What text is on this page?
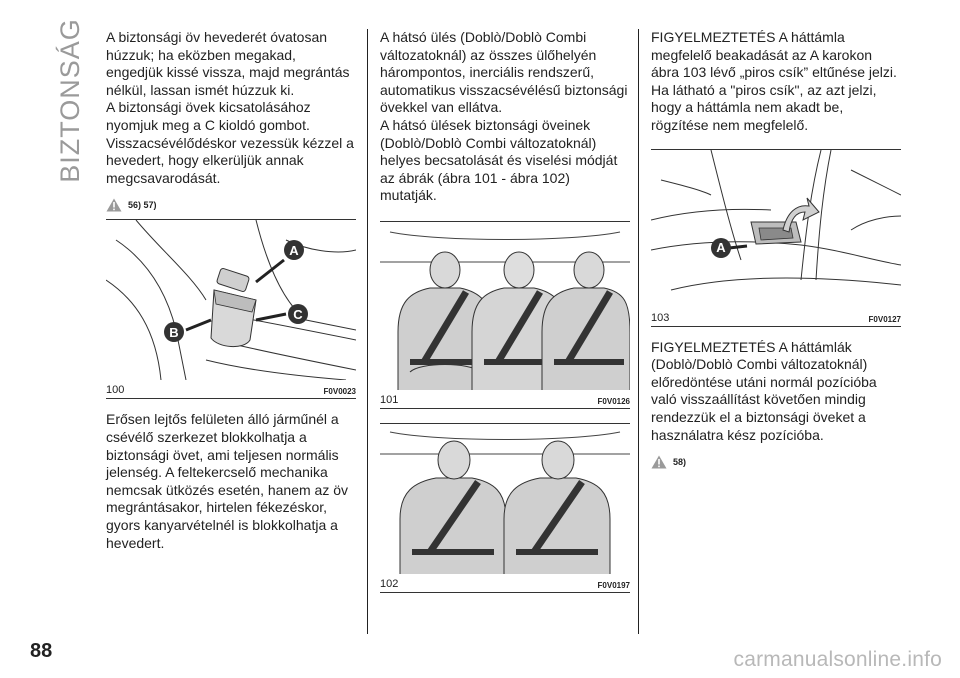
BIZTONSÁG
88	carmanualsonline.info

A biztonsági öv hevederét óvatosan húzzuk; ha eközben megakad, engedjük kissé vissza, majd megrántás nélkül, lassan ismét húzzuk ki.

A biztonsági övek kicsatolásához nyomjuk meg a C kioldó gombot. Visszacsévélődéskor vezessük kézzel a hevedert, hogy elkerüljük annak megcsavarodását.

56) 57)
A
B
C
100	F0V0023

Erősen lejtős felületen álló járműnél a csévélő szerkezet blokkolhatja a biztonsági övet, ami teljesen normális jelenség. A feltekercselő mechanika nemcsak ütközés esetén, hanem az öv megrántásakor, hirtelen fékezéskor, gyors kanyarvételnél is blokkolhatja a hevedert.

A hátsó ülés (Doblò/Doblò Combi változatoknál) az összes ülőhelyén hárompontos, inerciális rendszerű, automatikus visszacsévélésű biztonsági övekkel van ellátva.

A hátsó ülések biztonsági öveinek (Doblò/Doblò Combi változatoknál) helyes becsatolását és viselési módját az ábrák (ábra 101 - ábra 102) mutatják.

101	F0V0126
102	F0V0197

FIGYELMEZTETÉS A háttámla megfelelő beakadását az A karokon ábra 103 lévő „piros csík” eltűnése jelzi. Ha látható a "piros csík", az azt jelzi, hogy a háttámla nem akadt be, rögzítése nem megfelelő.

A
103	F0V0127

FIGYELMEZTETÉS A háttámlák (Doblò/Doblò Combi változatoknál) előredöntése utáni normál pozícióba való visszaállítást követően mindig rendezzük el a biztonsági öveket a használatra kész pozícióba.

58)
